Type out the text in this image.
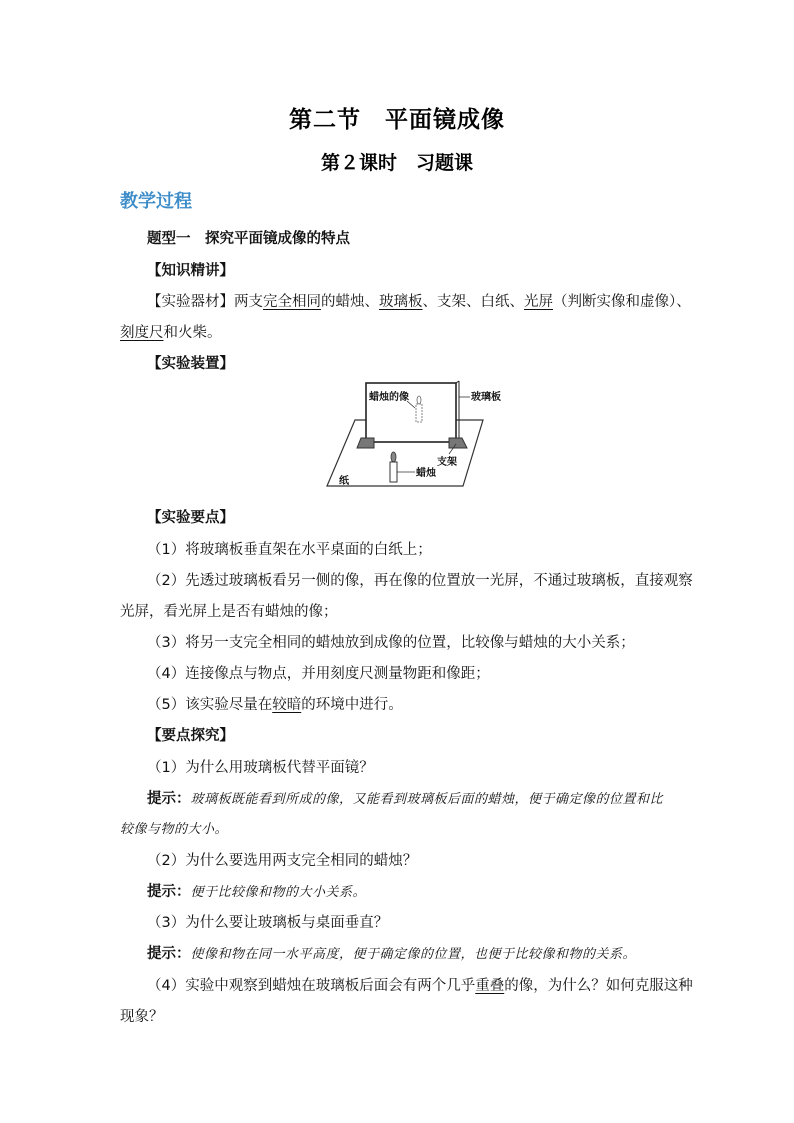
第二节　平面镜成像
第２课时　习题课
教学过程
题型一　探究平面镜成像的特点
【知识精讲】
【实验器材】两支完全相同的蜡烛、玻璃板、支架、白纸、光屏（判断实像和虚像）、
刻度尺和火柴。
【实验装置】
蜡烛的像	玻璃板
支架
蜡烛
纸
【实验要点】
（1）将玻璃板垂直架在水平桌面的白纸上；
（2）先透过玻璃板看另一侧的像，再在像的位置放一光屏，不通过玻璃板，直接观察
光屏，看光屏上是否有蜡烛的像；
（3）将另一支完全相同的蜡烛放到成像的位置，比较像与蜡烛的大小关系；
（4）连接像点与物点，并用刻度尺测量物距和像距；
（5）该实验尽量在较暗的环境中进行。
【要点探究】
（1）为什么用玻璃板代替平面镜？
提示：玻璃板既能看到所成的像，又能看到玻璃板后面的蜡烛，便于确定像的位置和比
较像与物的大小。
（2）为什么要选用两支完全相同的蜡烛？
提示：便于比较像和物的大小关系。
（3）为什么要让玻璃板与桌面垂直？
提示：使像和物在同一水平高度，便于确定像的位置，也便于比较像和物的关系。
（4）实验中观察到蜡烛在玻璃板后面会有两个几乎重叠的像，为什么？如何克服这种
现象？
